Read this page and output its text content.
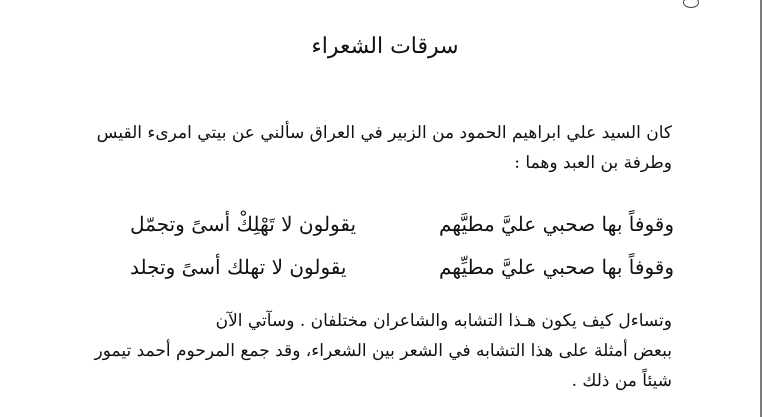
سرقات الشعراء
كان السيد علي ابراهيم الحمود من الزبير في العراق سألني عن بيتي امرىء القيس
وطرفة بن العبد وهما :
وقوفاً بها صحبي عليَّ مطيَّهم
يقولون لا تَهْلِكْ أسىً وتجمّل
وقوفاً بها صحبي عليَّ مطيِّهم
يقولون لا تهلك أسىً وتجلد
وتساءل كيف يكون هـذا التشابه والشاعران مختلفان . وسآتي الآن
ببعض أمثلة على هذا التشابه في الشعر بين الشعراء، وقد جمع المرحوم أحمد تيمور
شيئاً من ذلك .
